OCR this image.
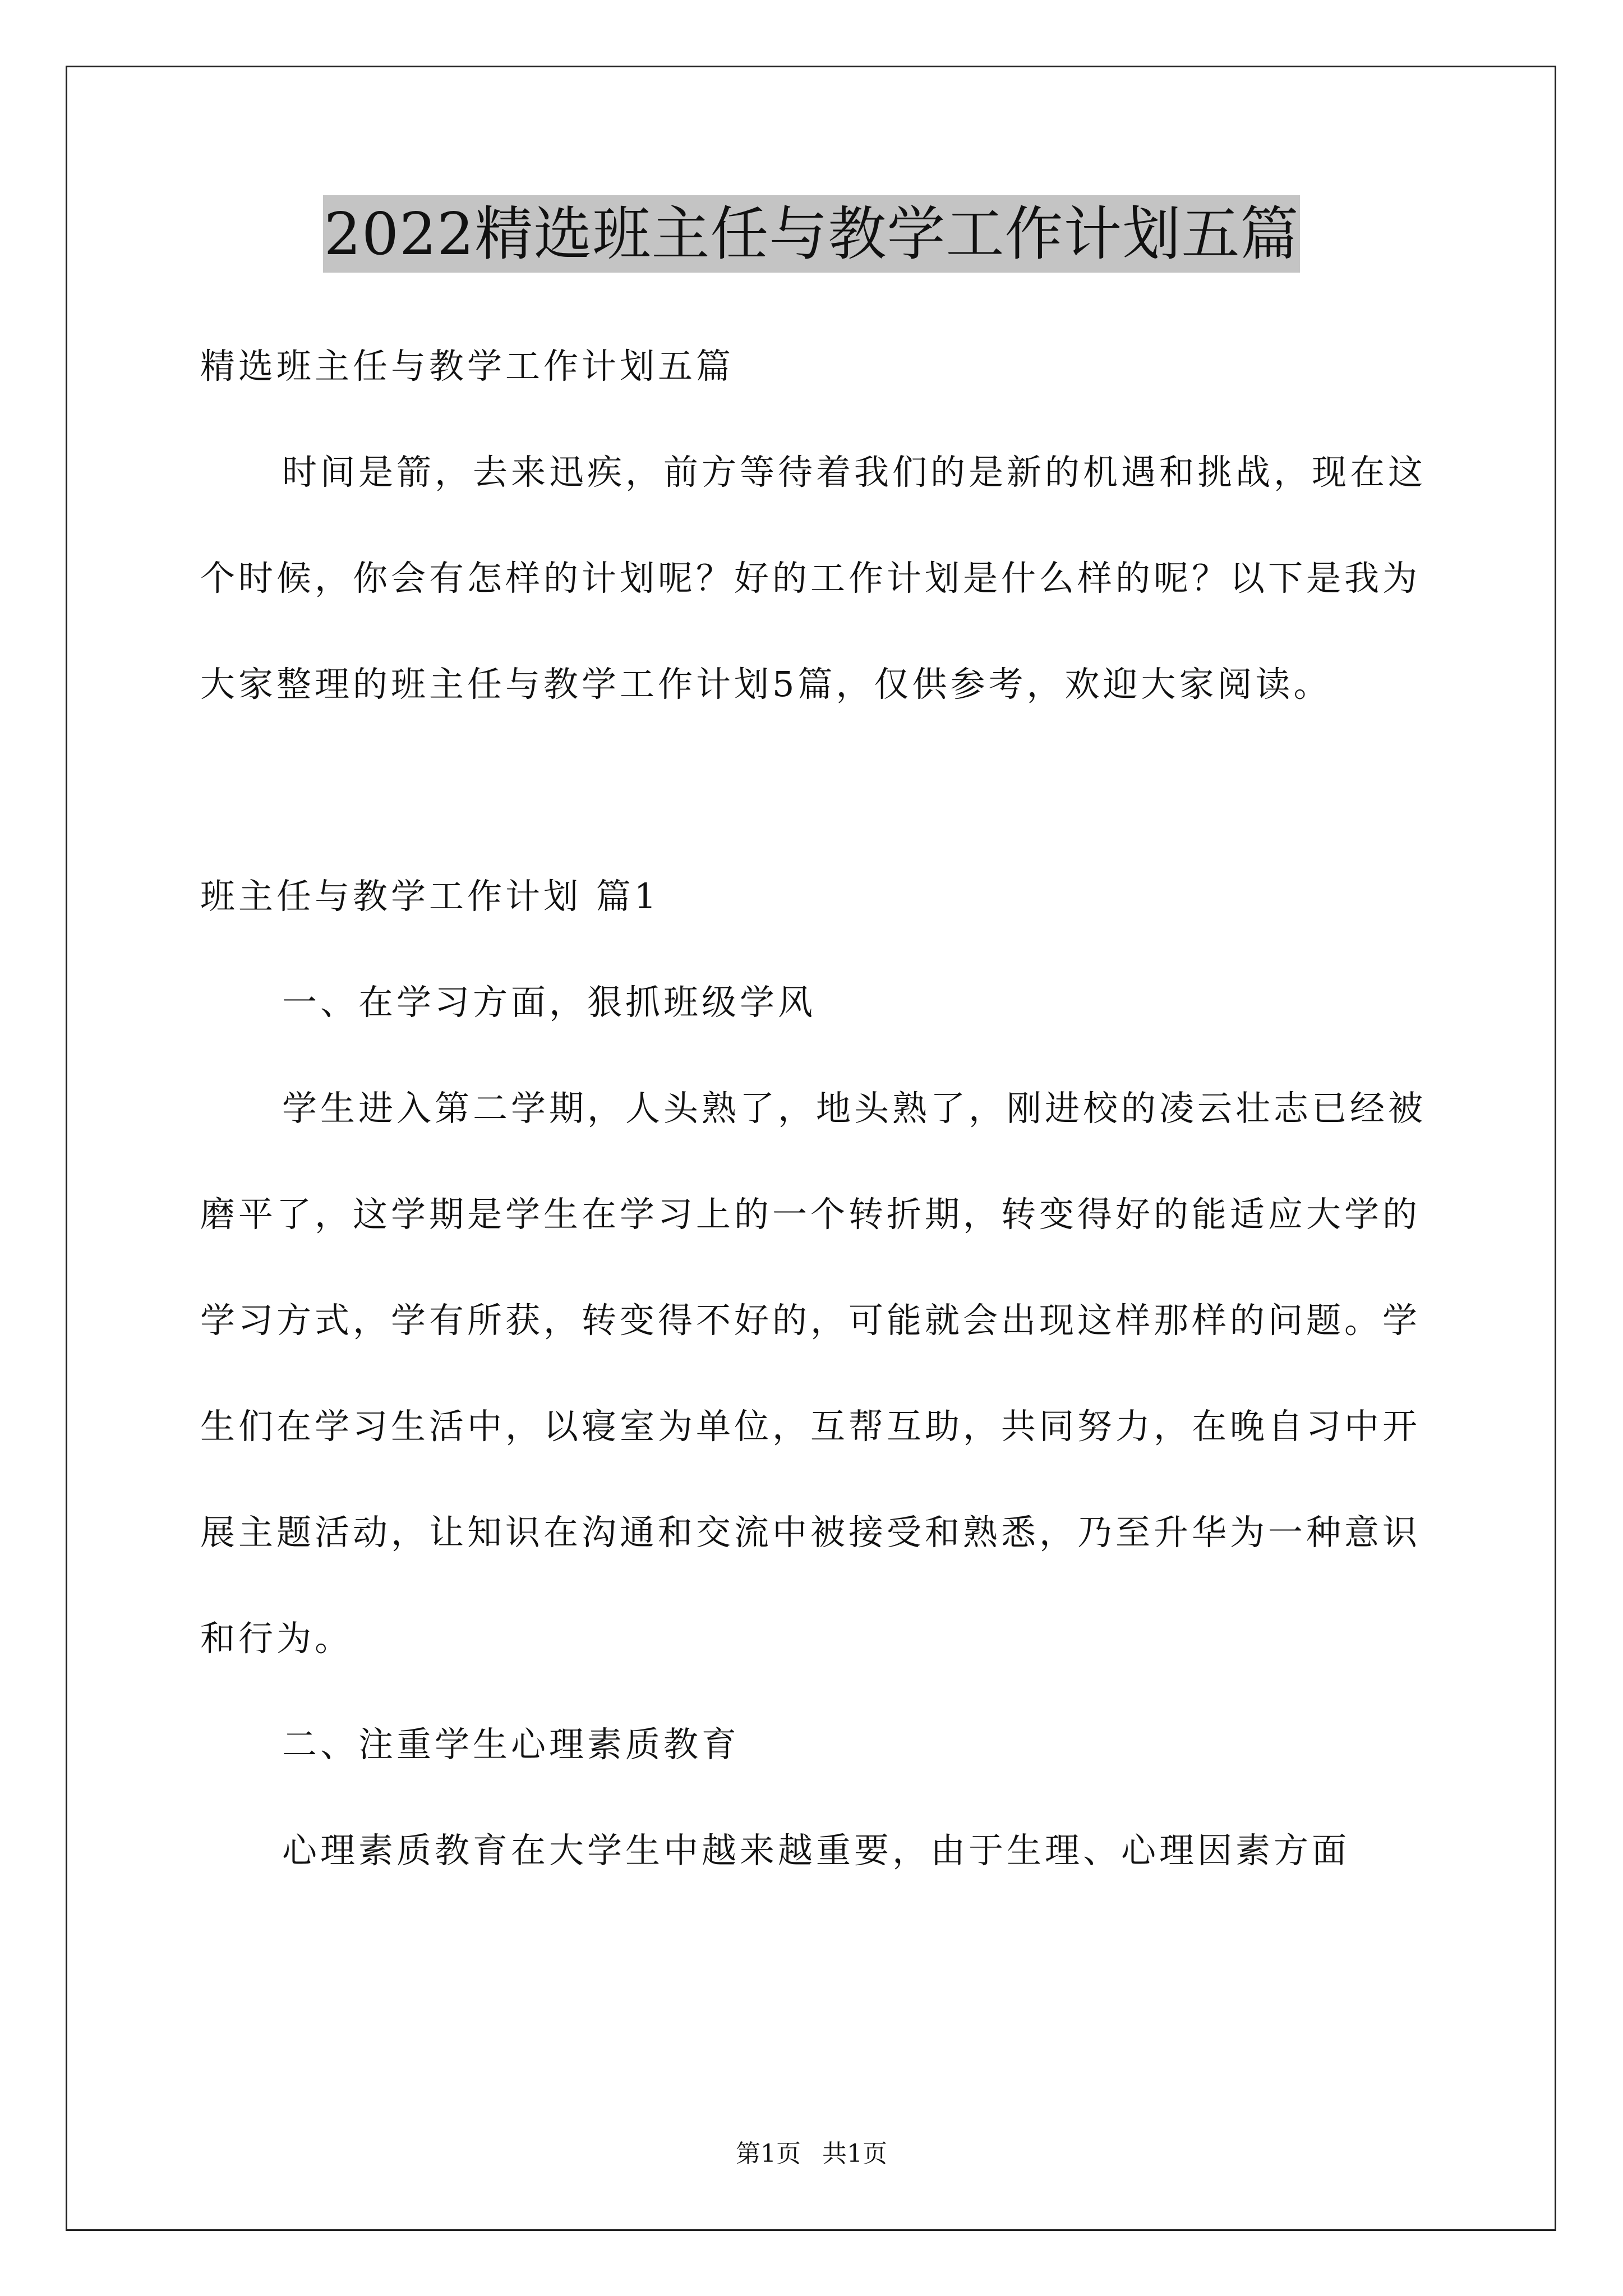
2022精选班主任与教学工作计划五篇

精选班主任与教学工作计划五篇

时间是箭，去来迅疾，前方等待着我们的是新的机遇和挑战，现在这个时候，你会有怎样的计划呢？好的工作计划是什么样的呢？以下是我为大家整理的班主任与教学工作计划5篇，仅供参考，欢迎大家阅读。

班主任与教学工作计划 篇1

一、在学习方面，狠抓班级学风

学生进入第二学期，人头熟了，地头熟了，刚进校的凌云壮志已经被磨平了，这学期是学生在学习上的一个转折期，转变得好的能适应大学的学习方式，学有所获，转变得不好的，可能就会出现这样那样的问题。学生们在学习生活中，以寝室为单位，互帮互助，共同努力，在晚自习中开展主题活动，让知识在沟通和交流中被接受和熟悉，乃至升华为一种意识和行为。

二、注重学生心理素质教育

心理素质教育在大学生中越来越重要，由于生理、心理因素方面

第1页 共1页
